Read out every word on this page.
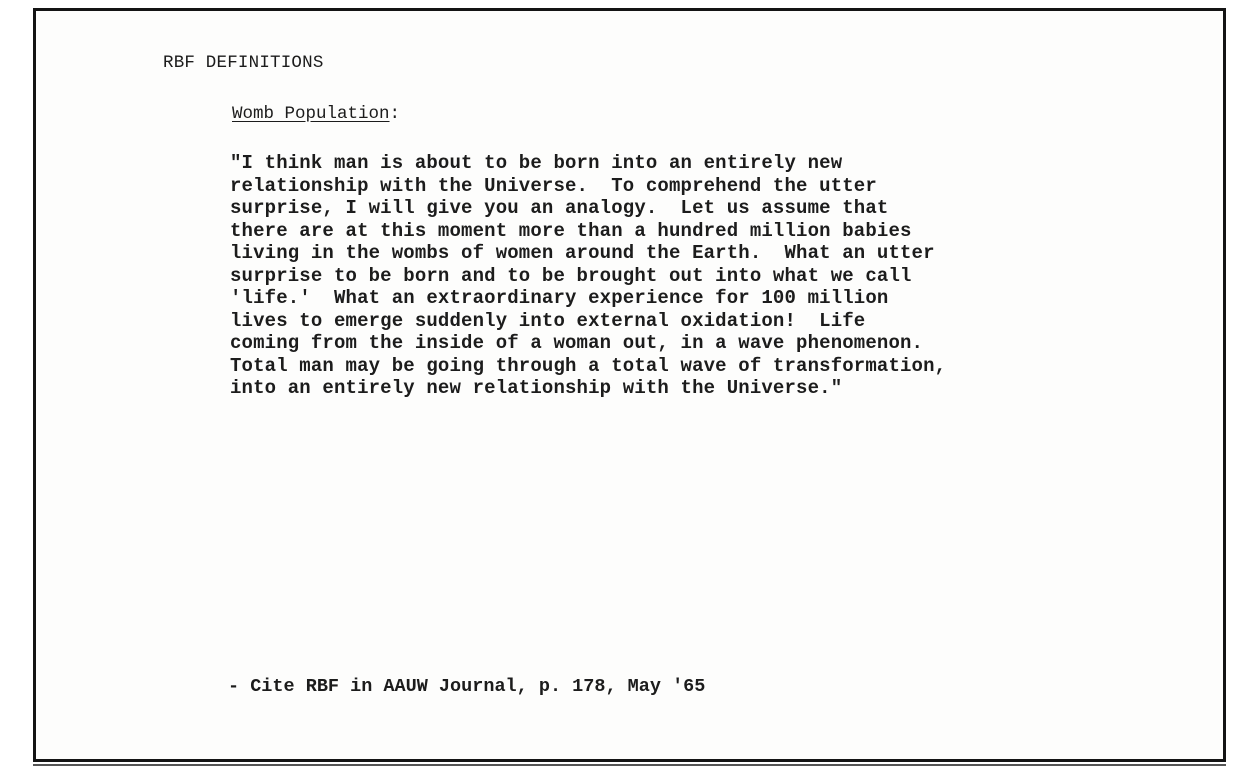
RBF DEFINITIONS
Womb Population:
"I think man is about to be born into an entirely new
relationship with the Universe.  To comprehend the utter
surprise, I will give you an analogy.  Let us assume that
there are at this moment more than a hundred million babies
living in the wombs of women around the Earth.  What an utter
surprise to be born and to be brought out into what we call
'life.'  What an extraordinary experience for 100 million
lives to emerge suddenly into external oxidation!  Life
coming from the inside of a woman out, in a wave phenomenon.
Total man may be going through a total wave of transformation,
into an entirely new relationship with the Universe."
- Cite RBF in AAUW Journal, p. 178, May '65
